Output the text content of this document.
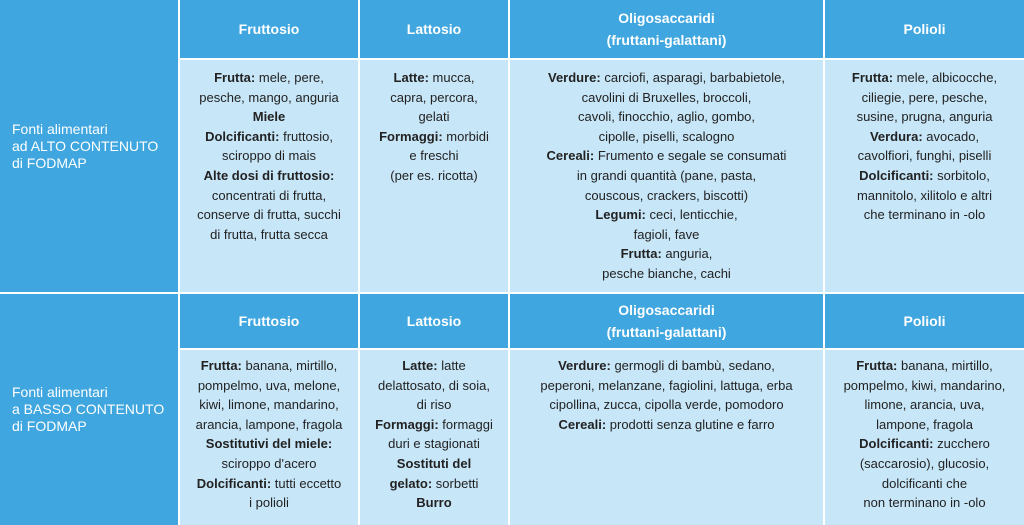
Fonti alimentari
ad ALTO CONTENUTO
di FODMAP
Fruttosio	Lattosio
Oligosaccaridi
(fruttani-galattani)
Polioli
Frutta: mele, pere,
pesche, mango, anguria
Miele
Dolcificanti: fruttosio,
sciroppo di mais
Alte dosi di fruttosio:
concentrati di frutta,
conserve di frutta, succhi
di frutta, frutta secca
Latte: mucca,
capra, percora,
gelati
Formaggi: morbidi
e freschi
(per es. ricotta)
Verdure: carciofi, asparagi, barbabietole,
cavolini di Bruxelles, broccoli,
cavoli, finocchio, aglio, gombo,
cipolle, piselli, scalogno
Cereali: Frumento e segale se consumati
in grandi quantità (pane, pasta,
couscous, crackers, biscotti)
Legumi: ceci, lenticchie,
fagioli, fave
Frutta: anguria,
pesche bianche, cachi
Frutta: mele, albicocche,
ciliegie, pere, pesche,
susine, prugna, anguria
Verdura: avocado,
cavolfiori, funghi, piselli
Dolcificanti: sorbitolo,
mannitolo, xilitolo e altri
che terminano in -olo
Fonti alimentari
a BASSO CONTENUTO
di FODMAP
Fruttosio	Lattosio
Oligosaccaridi
(fruttani-galattani)
Polioli
Frutta: banana, mirtillo,
pompelmo, uva, melone,
kiwi, limone, mandarino,
arancia, lampone, fragola
Sostitutivi del miele:
sciroppo d'acero
Dolcificanti: tutti eccetto
i polioli
Latte: latte
delattosato, di soia,
di riso
Formaggi: formaggi
duri e stagionati
Sostituti del
gelato: sorbetti
Burro
Verdure: germogli di bambù, sedano,
peperoni, melanzane, fagiolini, lattuga, erba
cipollina, zucca, cipolla verde, pomodoro
Cereali: prodotti senza glutine e farro
Frutta: banana, mirtillo,
pompelmo, kiwi, mandarino,
limone, arancia, uva,
lampone, fragola
Dolcificanti: zucchero
(saccarosio), glucosio,
dolcificanti che
non terminano in -olo
